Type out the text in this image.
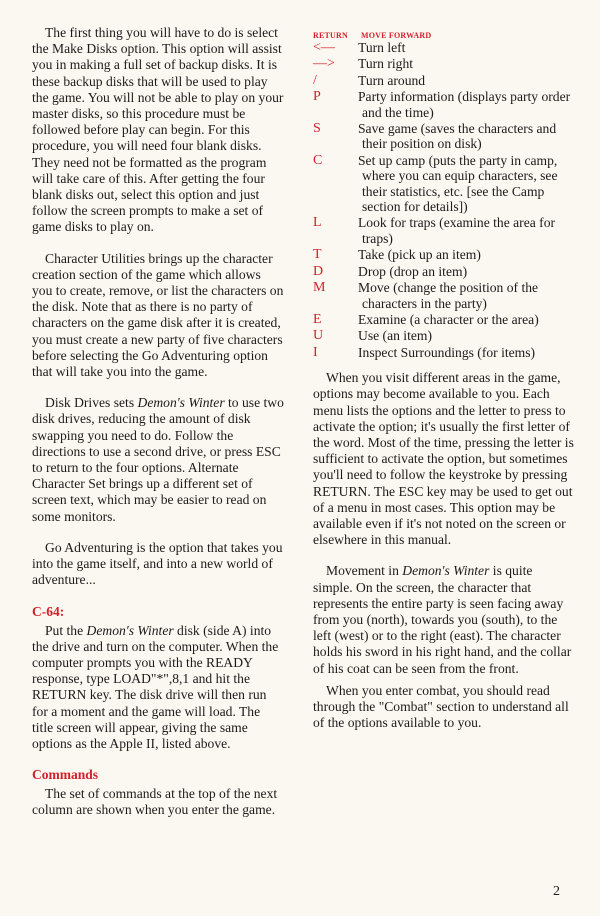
The first thing you will have to do is select the Make Disks option. This option will assist you in making a full set of backup disks. It is these backup disks that will be used to play the game. You will not be able to play on your master disks, so this procedure must be followed before play can begin. For this procedure, you will need four blank disks. They need not be formatted as the program will take care of this. After getting the four blank disks out, select this option and just follow the screen prompts to make a set of game disks to play on.

Character Utilities brings up the character creation section of the game which allows you to create, remove, or list the characters on the disk. Note that as there is no party of characters on the game disk after it is created, you must create a new party of five characters before selecting the Go Adventuring option that will take you into the game.

Disk Drives sets Demon's Winter to use two disk drives, reducing the amount of disk swapping you need to do. Follow the directions to use a second drive, or press ESC to return to the four options. Alternate Character Set brings up a different set of screen text, which may be easier to read on some monitors.

Go Adventuring is the option that takes you into the game itself, and into a new world of adventure...

C-64:

Put the Demon's Winter disk (side A) into the drive and turn on the computer. When the computer prompts you with the READY response, type LOAD"*",8,1 and hit the RETURN key. The disk drive will then run for a moment and the game will load. The title screen will appear, giving the same options as the Apple II, listed above.

Commands

The set of commands at the top of the next column are shown when you enter the game.

RETURN MOVE FORWARD
<—	Turn left
—>	Turn right
/	Turn around
P	Party information (displays party order and the time)
S	Save game (saves the characters and their position on disk)
C	Set up camp (puts the party in camp, where you can equip characters, see their statistics, etc. [see the Camp section for details])
L	Look for traps (examine the area for traps)
T	Take (pick up an item)
D	Drop (drop an item)
M	Move (change the position of the characters in the party)
E	Examine (a character or the area)
U	Use (an item)
I	Inspect Surroundings (for items)

When you visit different areas in the game, options may become available to you. Each menu lists the options and the letter to press to activate the option; it's usually the first letter of the word. Most of the time, pressing the letter is sufficient to activate the option, but sometimes you'll need to follow the keystroke by pressing RETURN. The ESC key may be used to get out of a menu in most cases. This option may be available even if it's not noted on the screen or elsewhere in this manual.

Movement in Demon's Winter is quite simple. On the screen, the character that represents the entire party is seen facing away from you (north), towards you (south), to the left (west) or to the right (east). The character holds his sword in his right hand, and the collar of his coat can be seen from the front.

When you enter combat, you should read through the "Combat" section to understand all of the options available to you.

2
